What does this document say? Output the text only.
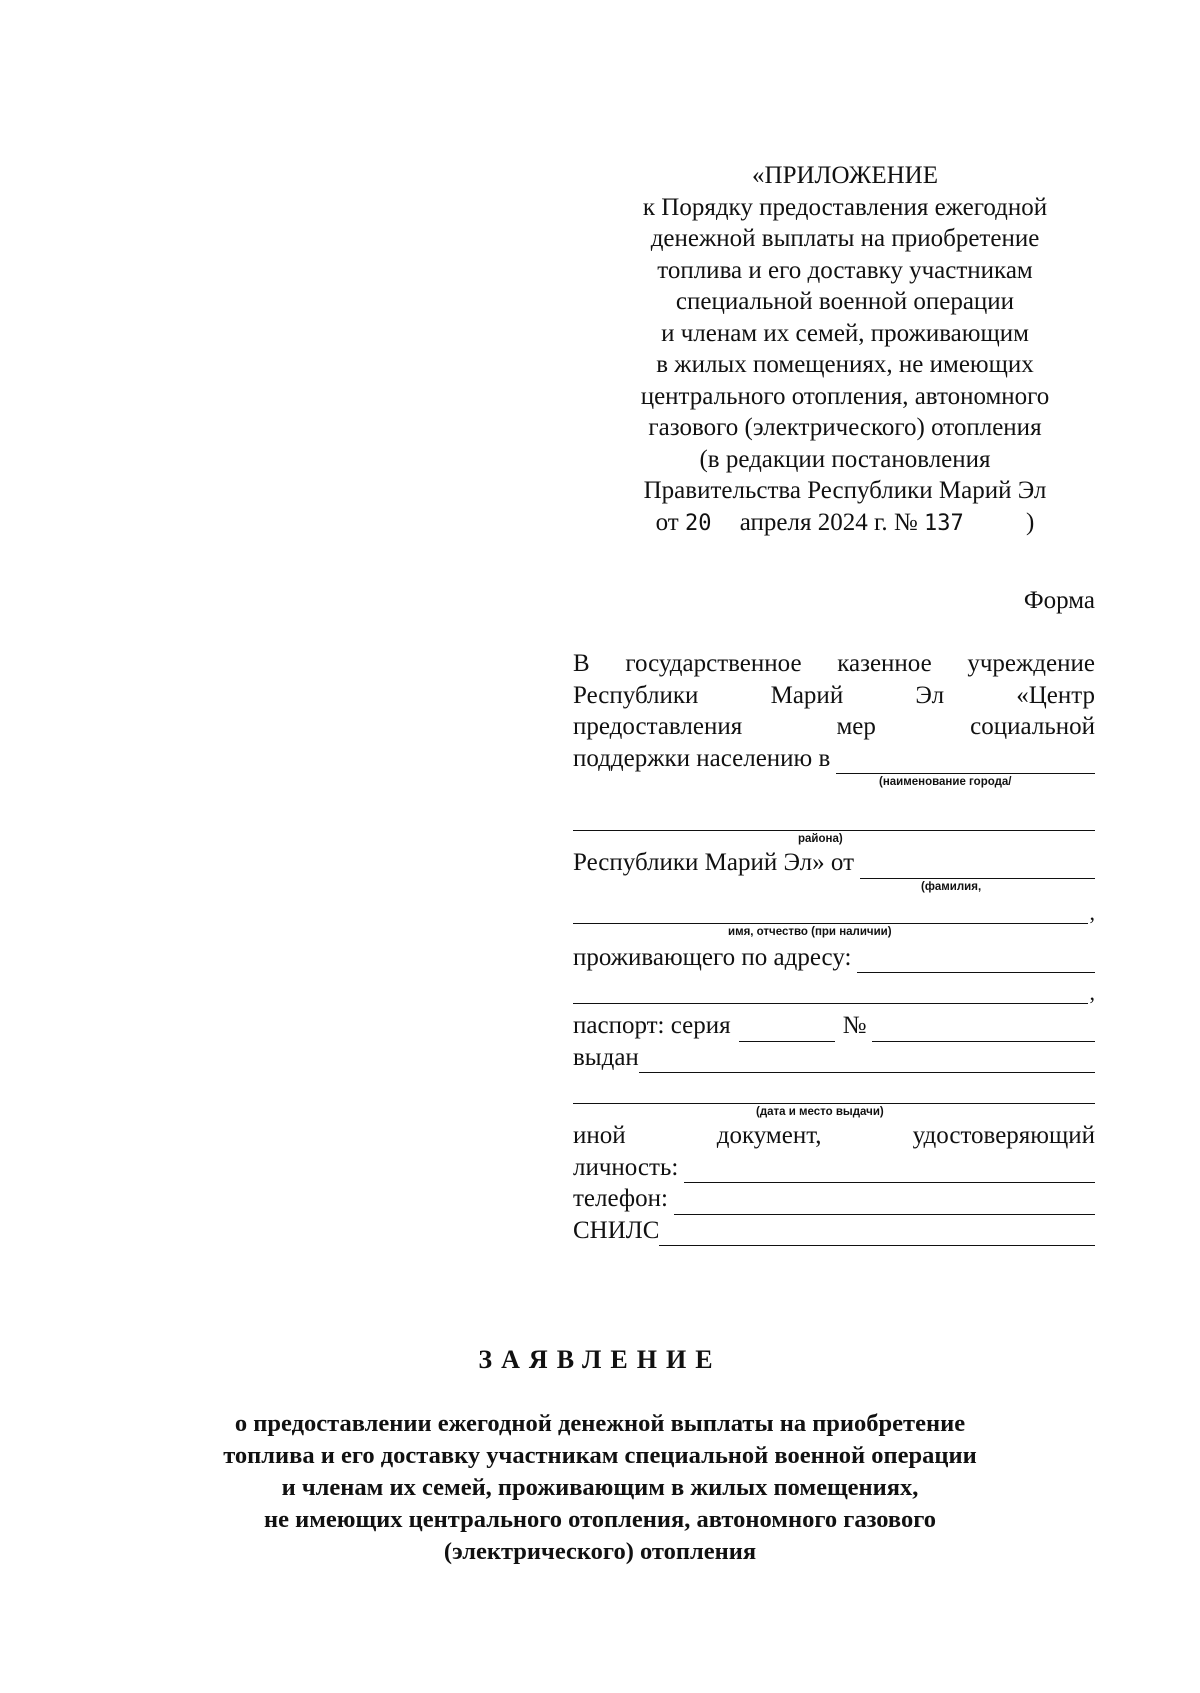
«ПРИЛОЖЕНИЕ
к Порядку предоставления ежегодной
денежной выплаты на приобретение
топлива и его доставку участникам
специальной военной операции
и членам их семей, проживающим
в жилых помещениях, не имеющих
центрального отопления, автономного
газового (электрического) отопления
(в редакции постановления
Правительства Республики Марий Эл
от 20 апреля 2024 г. № 137 )
Форма
В государственное казенное учреждение
Республики	Марий	Эл	«Центр
предоставления	мер	социальной
поддержки населению в
(наименование города/
района)
Республики Марий Эл» от
(фамилия,
,
имя, отчество (при наличии)
проживающего по адресу:
,
паспорт: серия	№
выдан
(дата и место выдачи)
иной	документ,	удостоверяющий
личность:
телефон:
СНИЛС
ЗАЯВЛЕНИЕ
о предоставлении ежегодной денежной выплаты на приобретение
топлива и его доставку участникам специальной военной операции
и членам их семей, проживающим в жилых помещениях,
не имеющих центрального отопления, автономного газового
(электрического) отопления
